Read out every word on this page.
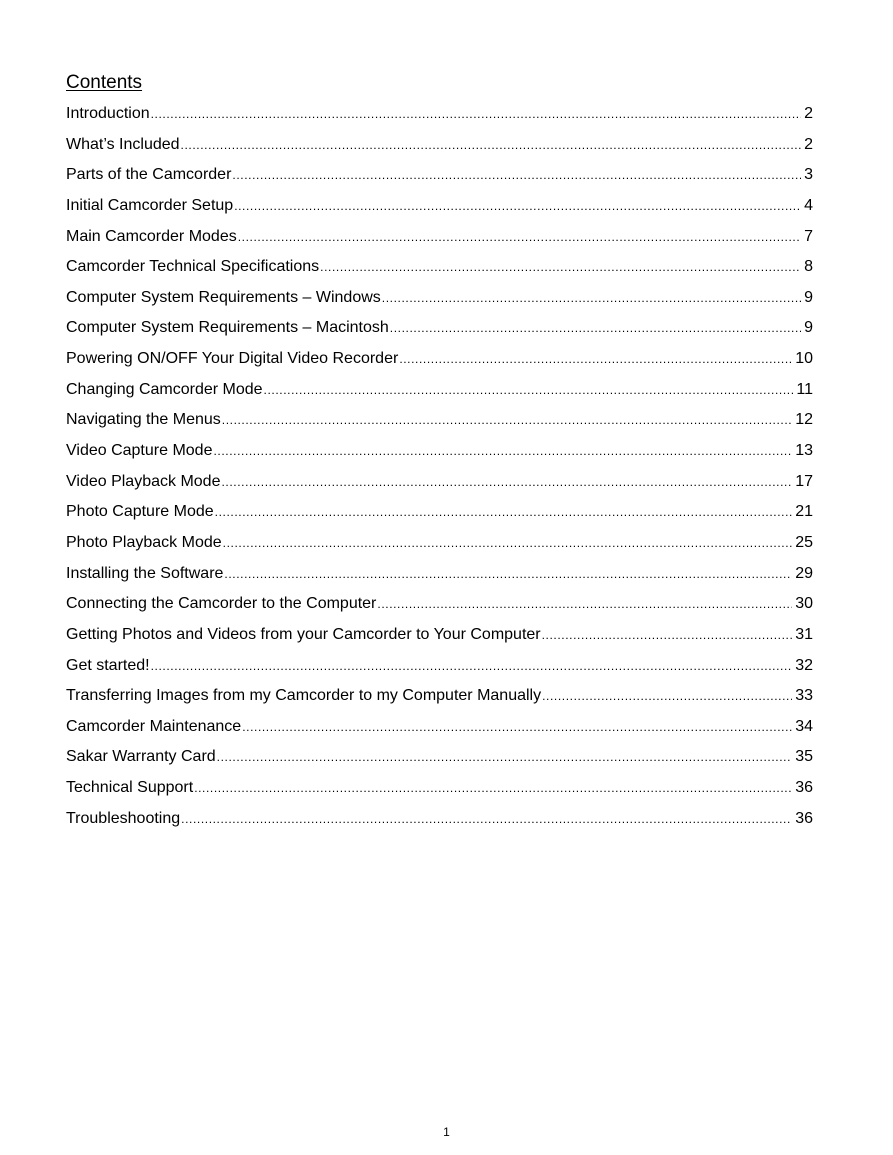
Contents
Introduction .....	2
What’s Included .....	2
Parts of the Camcorder .....	3
Initial Camcorder Setup .....	4
Main Camcorder Modes .....	7
Camcorder Technical Specifications .....	8
Computer System Requirements – Windows .....	9
Computer System Requirements – Macintosh .....	9
Powering ON/OFF Your Digital Video Recorder .....	10
Changing Camcorder Mode .....	11
Navigating the Menus .....	12
Video Capture Mode .....	13
Video Playback Mode .....	17
Photo Capture Mode .....	21
Photo Playback Mode .....	25
Installing the Software .....	29
Connecting the Camcorder to the Computer .....	30
Getting Photos and Videos from your Camcorder to Your Computer .....	31
Get started! .....	32
Transferring Images from my Camcorder to my Computer Manually .....	33
Camcorder Maintenance .....	34
Sakar Warranty Card .....	35
Technical Support .....	36
Troubleshooting .....	36
1
